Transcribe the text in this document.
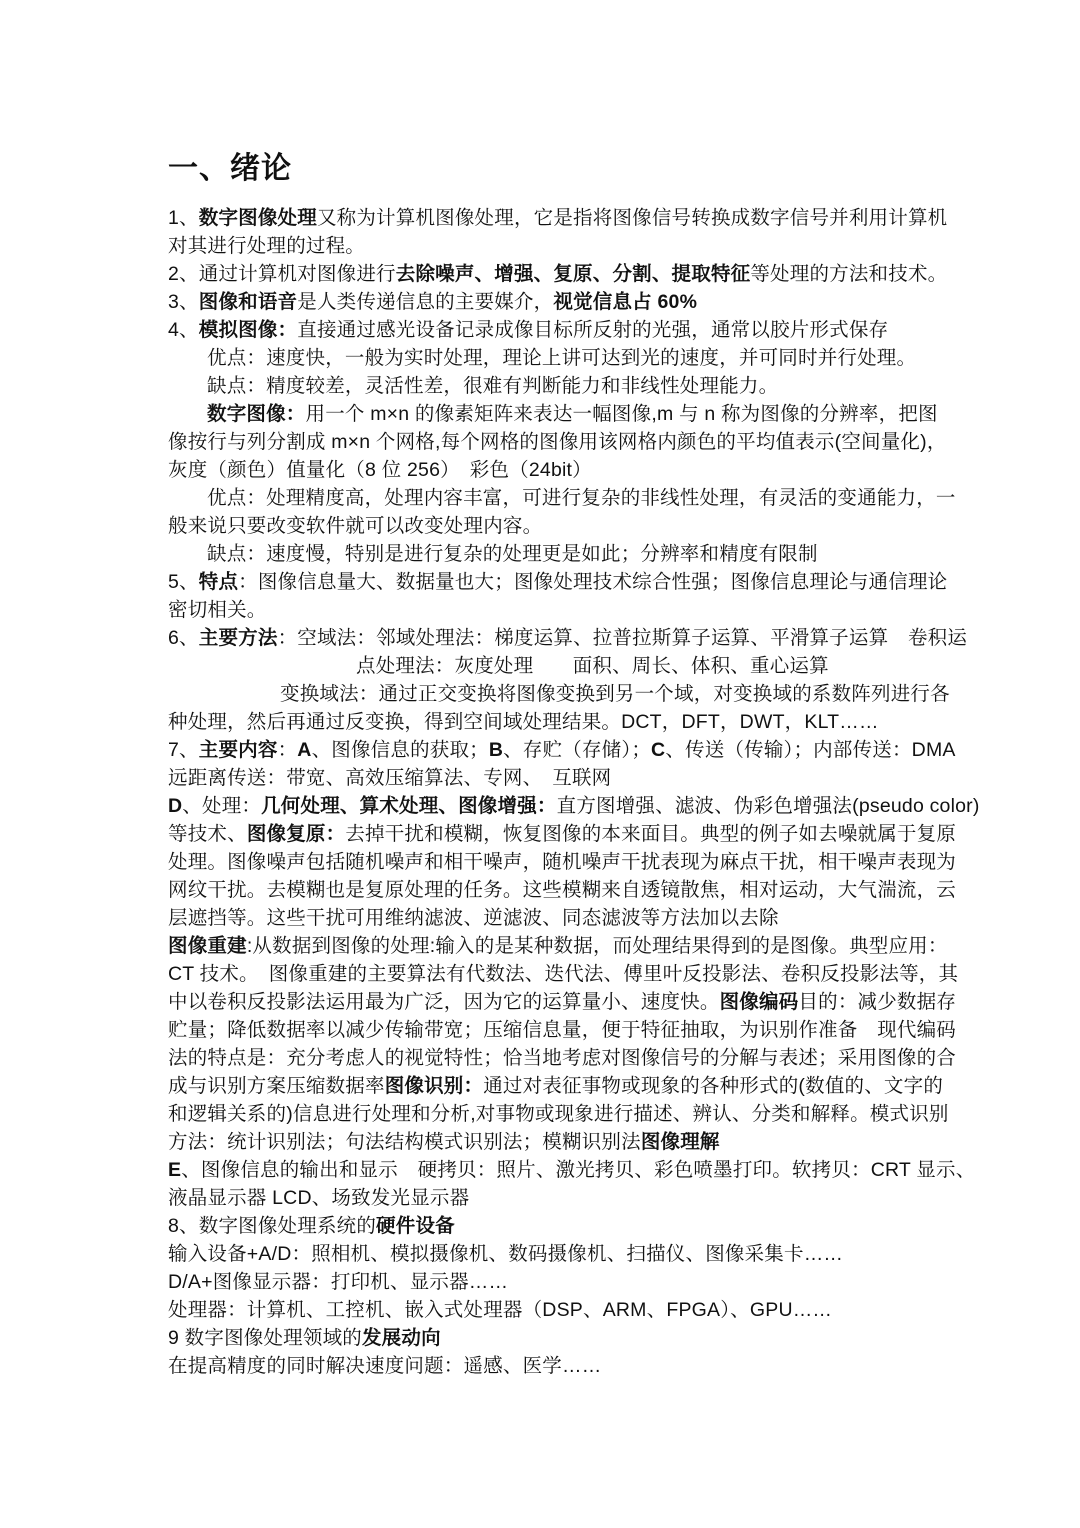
一、绪论
1、数字图像处理又称为计算机图像处理，它是指将图像信号转换成数字信号并利用计算机
对其进行处理的过程。
2、通过计算机对图像进行去除噪声、增强、复原、分割、提取特征等处理的方法和技术。
3、图像和语音是人类传递信息的主要媒介，视觉信息占 60%
4、模拟图像：直接通过感光设备记录成像目标所反射的光强，通常以胶片形式保存
优点：速度快，一般为实时处理，理论上讲可达到光的速度，并可同时并行处理。
缺点：精度较差，灵活性差，很难有判断能力和非线性处理能力。
数字图像：用一个 m×n 的像素矩阵来表达一幅图像,m 与 n 称为图像的分辨率，把图
像按行与列分割成 m×n 个网格,每个网格的图像用该网格内颜色的平均值表示(空间量化)，
灰度（颜色）值量化（8 位 256）　彩色（24bit）
优点：处理精度高，处理内容丰富，可进行复杂的非线性处理，有灵活的变通能力，一
般来说只要改变软件就可以改变处理内容。
缺点：速度慢，特别是进行复杂的处理更是如此；分辨率和精度有限制
5、特点：图像信息量大、数据量也大；图像处理技术综合性强；图像信息理论与通信理论
密切相关。
6、主要方法：空域法：邻域处理法：梯度运算、拉普拉斯算子运算、平滑算子运算　卷积运
点处理法：灰度处理　　面积、周长、体积、重心运算
变换域法：通过正交变换将图像变换到另一个域，对变换域的系数阵列进行各
种处理，然后再通过反变换，得到空间域处理结果。DCT，DFT，DWT，KLT……
7、主要内容：A、图像信息的获取；B、存贮（存储）；C、传送（传输）；内部传送：DMA
远距离传送：带宽、高效压缩算法、专网、　互联网
D、处理：几何处理、算术处理、图像增强：直方图增强、滤波、伪彩色增强法(pseudo color)
等技术、图像复原：去掉干扰和模糊，恢复图像的本来面目。典型的例子如去噪就属于复原
处理。图像噪声包括随机噪声和相干噪声，随机噪声干扰表现为麻点干扰，相干噪声表现为
网纹干扰。去模糊也是复原处理的任务。这些模糊来自透镜散焦，相对运动，大气湍流，云
层遮挡等。这些干扰可用维纳滤波、逆滤波、同态滤波等方法加以去除
图像重建:从数据到图像的处理:输入的是某种数据，而处理结果得到的是图像。典型应用：
CT 技术。　图像重建的主要算法有代数法、迭代法、傅里叶反投影法、卷积反投影法等，其
中以卷积反投影法运用最为广泛，因为它的运算量小、速度快。图像编码目的：减少数据存
贮量；降低数据率以减少传输带宽；压缩信息量，便于特征抽取，为识别作准备　现代编码
法的特点是：充分考虑人的视觉特性；恰当地考虑对图像信号的分解与表述；采用图像的合
成与识别方案压缩数据率图像识别：通过对表征事物或现象的各种形式的(数值的、文字的
和逻辑关系的)信息进行处理和分析,对事物或现象进行描述、辨认、分类和解释。模式识别
方法：统计识别法；句法结构模式识别法；模糊识别法图像理解
E、图像信息的输出和显示　硬拷贝：照片、激光拷贝、彩色喷墨打印。软拷贝：CRT 显示、
液晶显示器 LCD、场致发光显示器
8、数字图像处理系统的硬件设备
输入设备+A/D：照相机、模拟摄像机、数码摄像机、扫描仪、图像采集卡……
D/A+图像显示器：打印机、显示器……
处理器：计算机、工控机、嵌入式处理器（DSP、ARM、FPGA）、GPU……
9 数字图像处理领域的发展动向
在提高精度的同时解决速度问题：遥感、医学……
